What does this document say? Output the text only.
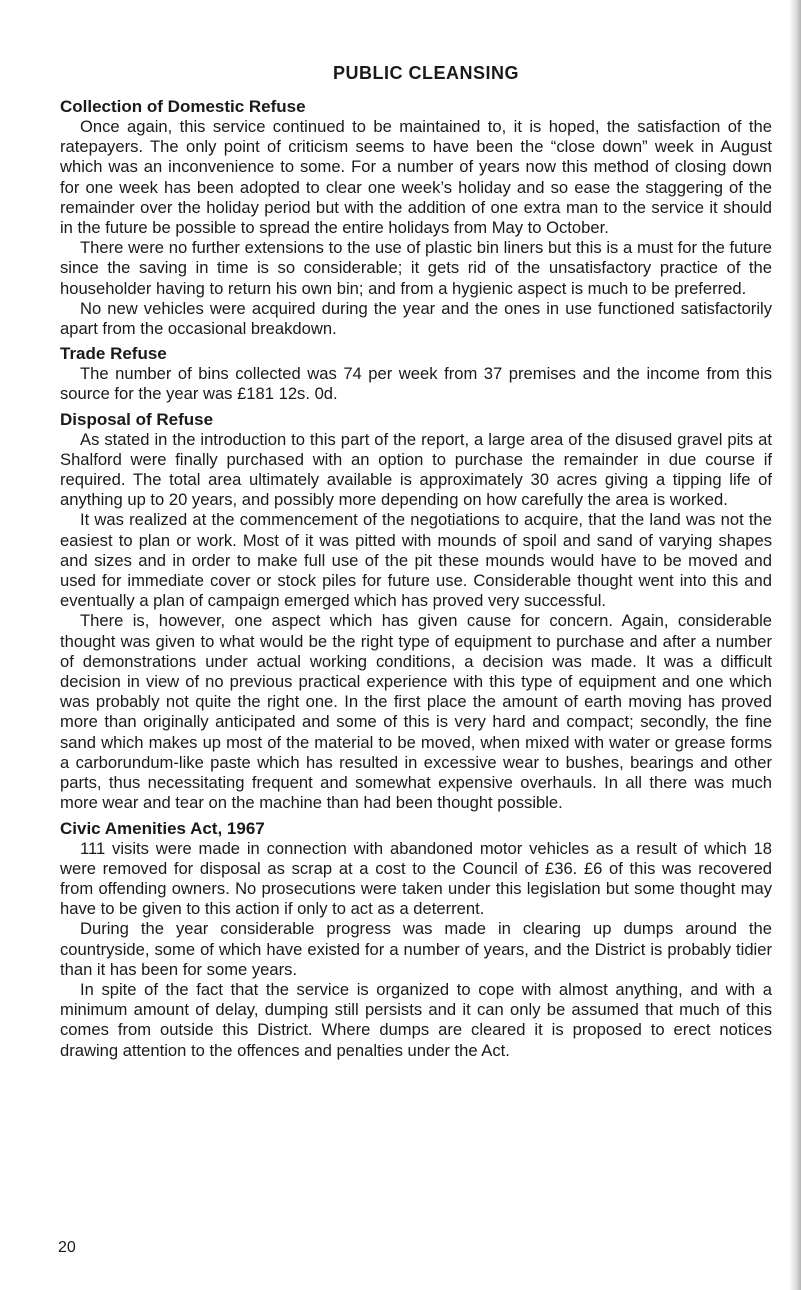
PUBLIC CLEANSING
Collection of Domestic Refuse

Once again, this service continued to be maintained to, it is hoped, the satisfaction of the ratepayers. The only point of criticism seems to have been the “close down” week in August which was an inconvenience to some. For a number of years now this method of closing down for one week has been adopted to clear one week’s holiday and so ease the staggering of the remainder over the holiday period but with the addition of one extra man to the service it should in the future be possible to spread the entire holidays from May to October.

There were no further extensions to the use of plastic bin liners but this is a must for the future since the saving in time is so considerable; it gets rid of the unsatisfactory practice of the householder having to return his own bin; and from a hygienic aspect is much to be preferred.

No new vehicles were acquired during the year and the ones in use functioned satisfactorily apart from the occasional breakdown.

Trade Refuse

The number of bins collected was 74 per week from 37 premises and the income from this source for the year was £181 12s. 0d.

Disposal of Refuse

As stated in the introduction to this part of the report, a large area of the disused gravel pits at Shalford were finally purchased with an option to purchase the remainder in due course if required. The total area ultimately available is approximately 30 acres giving a tipping life of anything up to 20 years, and possibly more depending on how carefully the area is worked.

It was realized at the commencement of the negotiations to acquire, that the land was not the easiest to plan or work. Most of it was pitted with mounds of spoil and sand of varying shapes and sizes and in order to make full use of the pit these mounds would have to be moved and used for immediate cover or stock piles for future use. Considerable thought went into this and eventually a plan of campaign emerged which has proved very successful.

There is, however, one aspect which has given cause for concern. Again, considerable thought was given to what would be the right type of equipment to purchase and after a number of demonstrations under actual working conditions, a decision was made. It was a difficult decision in view of no previous practical experience with this type of equipment and one which was probably not quite the right one. In the first place the amount of earth moving has proved more than originally anticipated and some of this is very hard and compact; secondly, the fine sand which makes up most of the material to be moved, when mixed with water or grease forms a carborundum-like paste which has resulted in excessive wear to bushes, bearings and other parts, thus necessitating frequent and somewhat expensive overhauls. In all there was much more wear and tear on the machine than had been thought possible.

Civic Amenities Act, 1967

111 visits were made in connection with abandoned motor vehicles as a result of which 18 were removed for disposal as scrap at a cost to the Council of £36. £6 of this was recovered from offending owners. No prosecutions were taken under this legislation but some thought may have to be given to this action if only to act as a deterrent.

During the year considerable progress was made in clearing up dumps around the countryside, some of which have existed for a number of years, and the District is probably tidier than it has been for some years.

In spite of the fact that the service is organized to cope with almost anything, and with a minimum amount of delay, dumping still persists and it can only be assumed that much of this comes from outside this District. Where dumps are cleared it is proposed to erect notices drawing attention to the offences and penalties under the Act.

20
